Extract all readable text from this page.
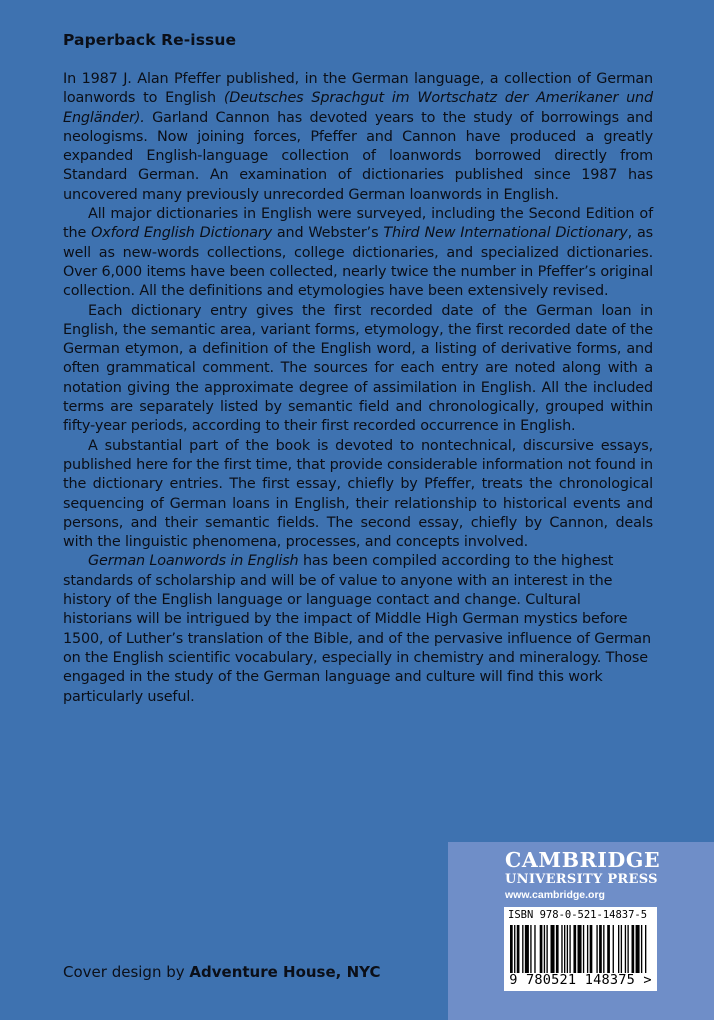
Paperback Re-issue

In 1987 J. Alan Pfeffer published, in the German language, a collection of German loanwords to English (Deutsches Sprachgut im Wortschatz der Amerikaner und Engländer). Garland Cannon has devoted years to the study of borrowings and neologisms. Now joining forces, Pfeffer and Cannon have produced a greatly expanded English-language collection of loanwords borrowed directly from Standard German. An examination of dictionaries published since 1987 has uncovered many previously unrecorded German loanwords in English.

All major dictionaries in English were surveyed, including the Second Edition of the Oxford English Dictionary and Webster’s Third New International Dictionary, as well as new-words collections, college dictionaries, and specialized dictionaries. Over 6,000 items have been collected, nearly twice the number in Pfeffer’s original collection. All the definitions and etymologies have been extensively revised.

Each dictionary entry gives the first recorded date of the German loan in English, the semantic area, variant forms, etymology, the first recorded date of the German etymon, a definition of the English word, a listing of derivative forms, and often grammatical comment. The sources for each entry are noted along with a notation giving the approximate degree of assimilation in English. All the included terms are separately listed by semantic field and chronologically, grouped within fifty-year periods, according to their first recorded occurrence in English.

A substantial part of the book is devoted to nontechnical, discursive essays, published here for the first time, that provide considerable information not found in the dictionary entries. The first essay, chiefly by Pfeffer, treats the chronological sequencing of German loans in English, their relationship to historical events and persons, and their semantic fields. The second essay, chiefly by Cannon, deals with the linguistic phenomena, processes, and concepts involved.

German Loanwords in English has been compiled according to the highest standards of scholarship and will be of value to anyone with an interest in the history of the English language or language contact and change. Cultural historians will be intrigued by the impact of Middle High German mystics before 1500, of Luther’s translation of the Bible, and of the pervasive influence of German on the English scientific vocabulary, especially in chemistry and mineralogy. Those engaged in the study of the German language and culture will find this work particularly useful.

CAMBRIDGE
UNIVERSITY PRESS
www.cambridge.org
ISBN 978-0-521-14837-5
9 780521 148375 >
Cover design by Adventure House, NYC
